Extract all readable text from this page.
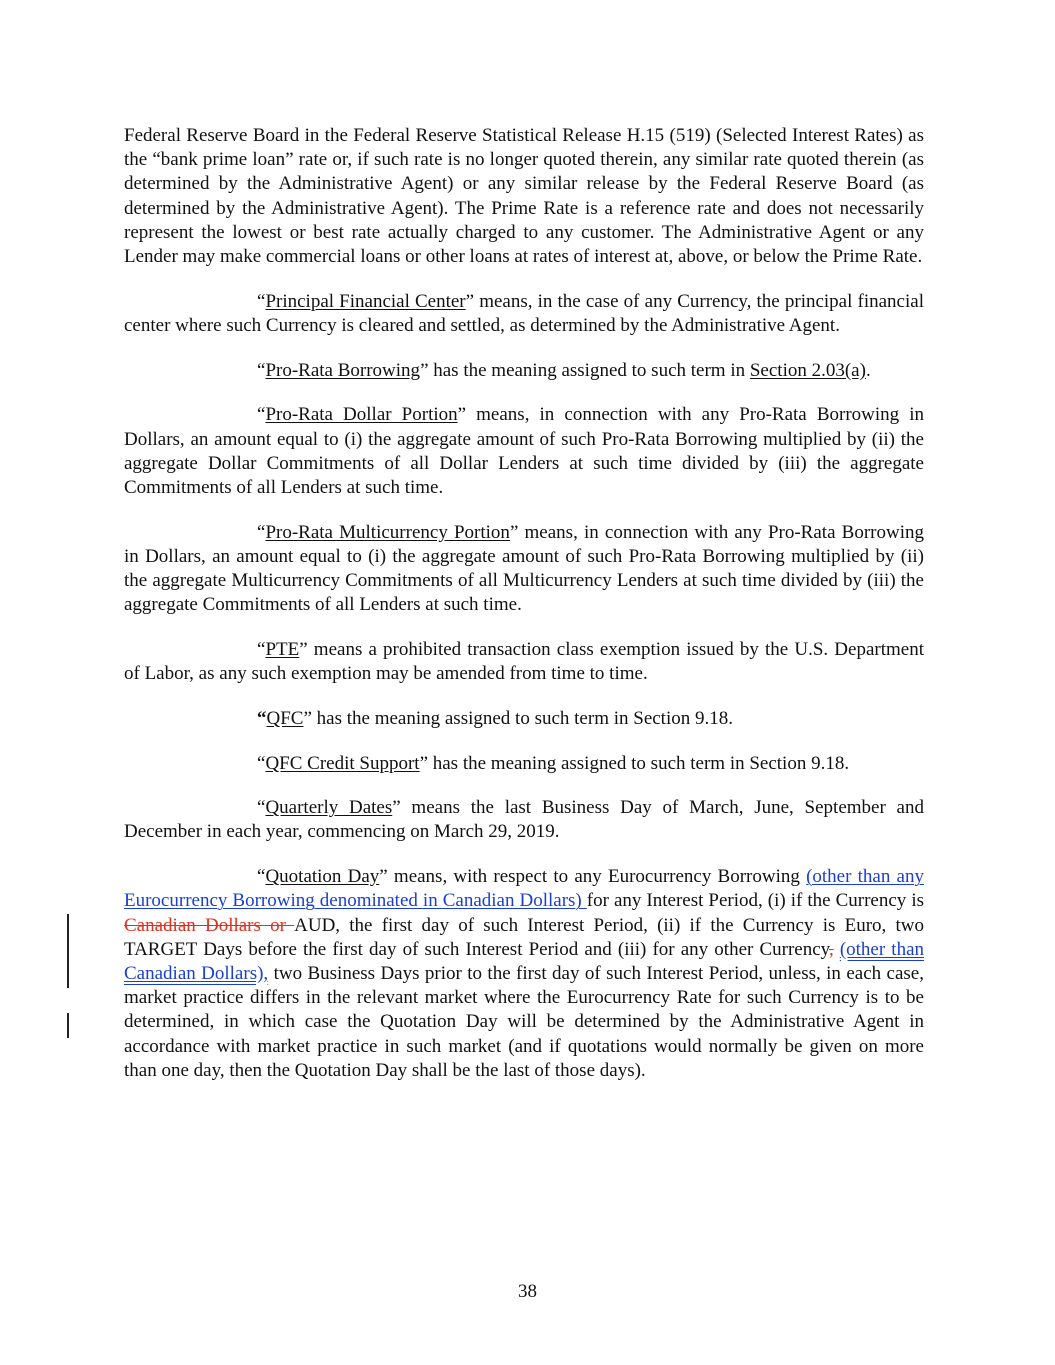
Federal Reserve Board in the Federal Reserve Statistical Release H.15 (519) (Selected Interest Rates) as the “bank prime loan” rate or, if such rate is no longer quoted therein, any similar rate quoted therein (as determined by the Administrative Agent) or any similar release by the Federal Reserve Board (as determined by the Administrative Agent). The Prime Rate is a reference rate and does not necessarily represent the lowest or best rate actually charged to any customer. The Administrative Agent or any Lender may make commercial loans or other loans at rates of interest at, above, or below the Prime Rate.

“Principal Financial Center” means, in the case of any Currency, the principal financial center where such Currency is cleared and settled, as determined by the Administrative Agent.

“Pro-Rata Borrowing” has the meaning assigned to such term in Section 2.03(a).

“Pro-Rata Dollar Portion” means, in connection with any Pro-Rata Borrowing in Dollars, an amount equal to (i) the aggregate amount of such Pro-Rata Borrowing multiplied by (ii) the aggregate Dollar Commitments of all Dollar Lenders at such time divided by (iii) the aggregate Commitments of all Lenders at such time.

“Pro-Rata Multicurrency Portion” means, in connection with any Pro-Rata Borrowing in Dollars, an amount equal to (i) the aggregate amount of such Pro-Rata Borrowing multiplied by (ii) the aggregate Multicurrency Commitments of all Multicurrency Lenders at such time divided by (iii) the aggregate Commitments of all Lenders at such time.

“PTE” means a prohibited transaction class exemption issued by the U.S. Department of Labor, as any such exemption may be amended from time to time.

“QFC” has the meaning assigned to such term in Section 9.18.

“QFC Credit Support” has the meaning assigned to such term in Section 9.18.

“Quarterly Dates” means the last Business Day of March, June, September and December in each year, commencing on March 29, 2019.

“Quotation Day” means, with respect to any Eurocurrency Borrowing (other than any Eurocurrency Borrowing denominated in Canadian Dollars) for any Interest Period, (i) if the Currency is Canadian Dollars or AUD, the first day of such Interest Period, (ii) if the Currency is Euro, two TARGET Days before the first day of such Interest Period and (iii) for any other Currency, (other than Canadian Dollars), two Business Days prior to the first day of such Interest Period, unless, in each case, market practice differs in the relevant market where the Eurocurrency Rate for such Currency is to be determined, in which case the Quotation Day will be determined by the Administrative Agent in accordance with market practice in such market (and if quotations would normally be given on more than one day, then the Quotation Day shall be the last of those days).

38
